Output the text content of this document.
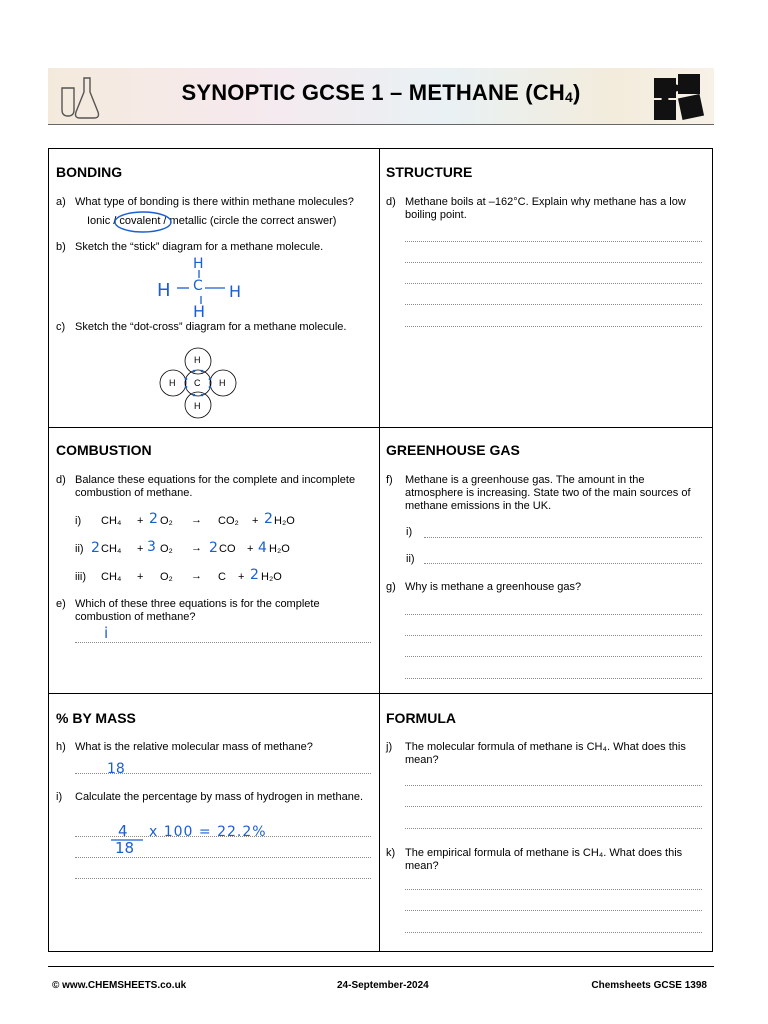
SYNOPTIC GCSE 1 – METHANE $(CH_4)$
BONDING
a) What type of bonding is there within methane molecules?
Ionic / covalent / metallic (circle the correct answer)
b) Sketch the “stick” diagram for a methane molecule.
H
H C H
H
c) Sketch the “dot-cross” diagram for a methane molecule.
H
H C H
H
STRUCTURE
d) Methane boils at –162°C. Explain why methane has a low boiling point.
COMBUSTION
d) Balance these equations for the complete and incomplete combustion of methane.
i) CH₄ + 2 O₂ → CO₂ + 2 H₂O
ii) 2 CH₄ + 3 O₂ → 2 CO + 4 H₂O
iii) CH₄ + O₂ → C + 2 H₂O
e) Which of these three equations is for the complete combustion of methane?
i
GREENHOUSE GAS
f) Methane is a greenhouse gas. The amount in the atmosphere is increasing. State two of the main sources of methane emissions in the UK.
i)
ii)
g) Why is methane a greenhouse gas?
% BY MASS
h) What is the relative molecular mass of methane?
18
i) Calculate the percentage by mass of hydrogen in methane.
4
18
x 100 = 22.2%
FORMULA
j) The molecular formula of methane is CH₄. What does this mean?
k) The empirical formula of methane is CH₄. What does this mean?
© www.CHEMSHEETS.co.uk	24-September-2024	Chemsheets GCSE 1398
